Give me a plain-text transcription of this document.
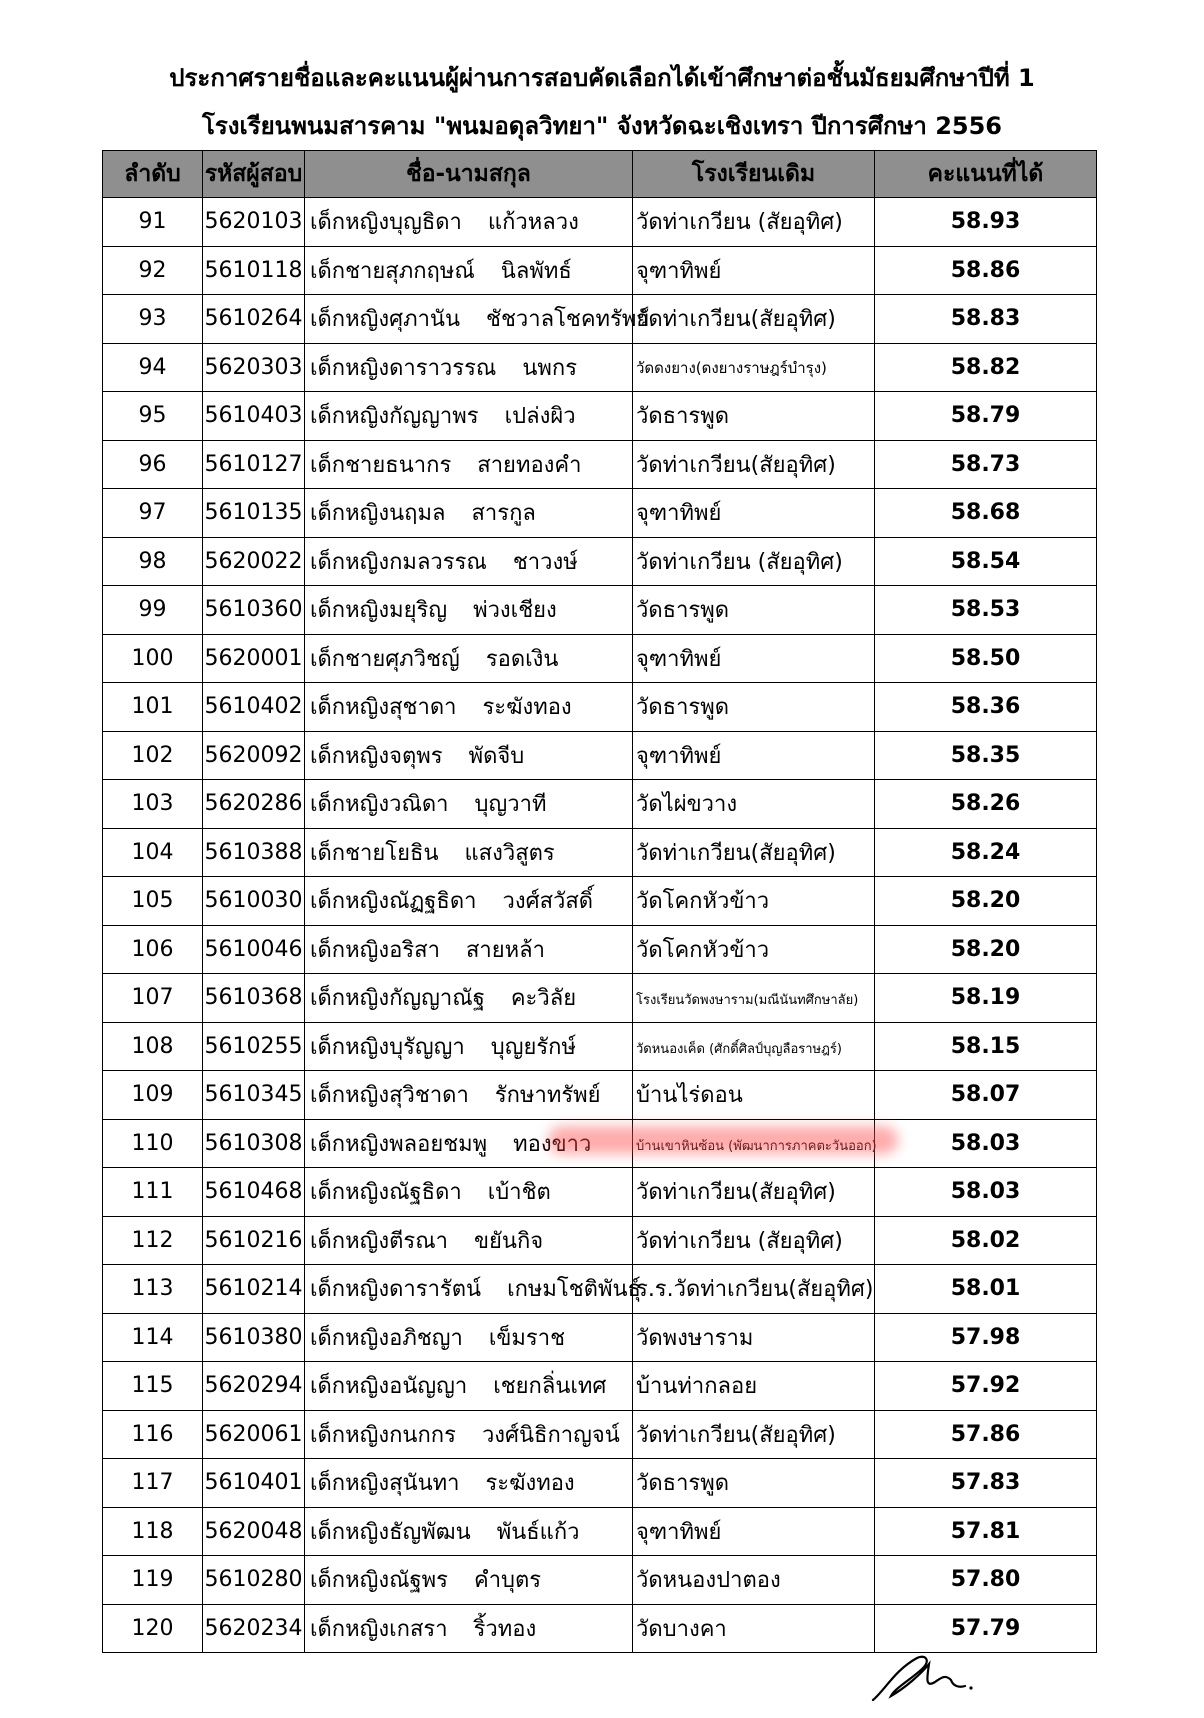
ประกาศรายชื่อและคะแนนผู้ผ่านการสอบคัดเลือกได้เข้าศึกษาต่อชั้นมัธยมศึกษาปีที่ 1
โรงเรียนพนมสารคาม "พนมอดุลวิทยา" จังหวัดฉะเชิงเทรา ปีการศึกษา 2556
ลำดับ	รหัสผู้สอบ	ชื่อ-นามสกุล	โรงเรียนเดิม	คะแนนที่ได้
91	5620103	เด็กหญิงบุญธิดา แก้วหลวง	วัดท่าเกวียน (สัยอุทิศ)	58.93
92	5610118	เด็กชายสุภกฤษณ์ นิลพัทธ์	จุฑาทิพย์	58.86
93	5610264	เด็กหญิงศุภานัน ชัชวาลโชคทรัพย์	วัดท่าเกวียน(สัยอุทิศ)	58.83
94	5620303	เด็กหญิงดาราวรรณ นพกร	วัดดงยาง(ดงยางราษฎร์บำรุง)	58.82
95	5610403	เด็กหญิงกัญญาพร เปล่งผิว	วัดธารพูด	58.79
96	5610127	เด็กชายธนากร สายทองคำ	วัดท่าเกวียน(สัยอุทิศ)	58.73
97	5610135	เด็กหญิงนฤมล สารกูล	จุฑาทิพย์	58.68
98	5620022	เด็กหญิงกมลวรรณ ชาวงษ์	วัดท่าเกวียน (สัยอุทิศ)	58.54
99	5610360	เด็กหญิงมยุริญ พ่วงเชียง	วัดธารพูด	58.53
100	5620001	เด็กชายศุภวิชญ์ รอดเงิน	จุฑาทิพย์	58.50
101	5610402	เด็กหญิงสุชาดา ระฆังทอง	วัดธารพูด	58.36
102	5620092	เด็กหญิงจตุพร พัดจีบ	จุฑาทิพย์	58.35
103	5620286	เด็กหญิงวณิดา บุญวาที	วัดไผ่ขวาง	58.26
104	5610388	เด็กชายโยธิน แสงวิสูตร	วัดท่าเกวียน(สัยอุทิศ)	58.24
105	5610030	เด็กหญิงณัฏฐธิดา วงศ์สวัสดิ์	วัดโคกหัวข้าว	58.20
106	5610046	เด็กหญิงอริสา สายหล้า	วัดโคกหัวข้าว	58.20
107	5610368	เด็กหญิงกัญญาณัฐ คะวิลัย	โรงเรียนวัดพงษาราม(มณีนันทศึกษาลัย)	58.19
108	5610255	เด็กหญิงบุรัญญา บุญยรักษ์	วัดหนองเค็ด (ศักดิ์ศิลป์บุญลือราษฎร์)	58.15
109	5610345	เด็กหญิงสุวิชาดา รักษาทรัพย์	บ้านไร่ดอน	58.07
110	5610308	เด็กหญิงพลอยชมพู ทองขาว	บ้านเขาหินซ้อน (พัฒนาการภาคตะวันออก)	58.03
111	5610468	เด็กหญิงณัฐธิดา เบ้าชิต	วัดท่าเกวียน(สัยอุทิศ)	58.03
112	5610216	เด็กหญิงตีรณา ขยันกิจ	วัดท่าเกวียน (สัยอุทิศ)	58.02
113	5610214	เด็กหญิงดารารัตน์ เกษมโชติพันธุ์	ร.ร.วัดท่าเกวียน(สัยอุทิศ)	58.01
114	5610380	เด็กหญิงอภิชญา เข็มราช	วัดพงษาราม	57.98
115	5620294	เด็กหญิงอนัญญา เชยกลิ่นเทศ	บ้านท่ากลอย	57.92
116	5620061	เด็กหญิงกนกกร วงศ์นิธิกาญจน์	วัดท่าเกวียน(สัยอุทิศ)	57.86
117	5610401	เด็กหญิงสุนันทา ระฆังทอง	วัดธารพูด	57.83
118	5620048	เด็กหญิงธัญพัฒน พันธ์แก้ว	จุฑาทิพย์	57.81
119	5610280	เด็กหญิงณัฐพร คำบุตร	วัดหนองปาตอง	57.80
120	5620234	เด็กหญิงเกสรา ริ้วทอง	วัดบางคา	57.79
